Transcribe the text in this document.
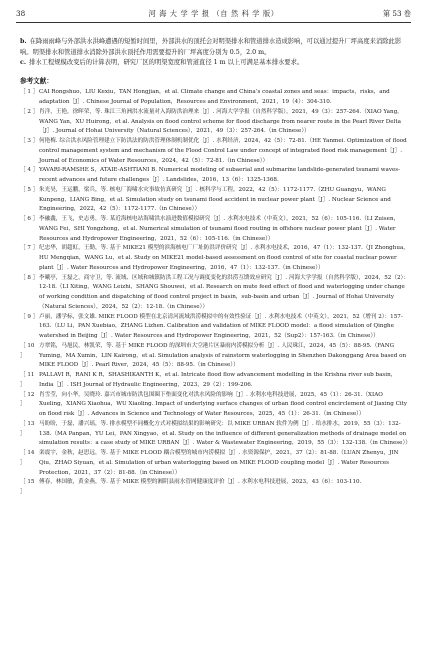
38	河 海 大 学 学 报 （自 然 科 学 版）	第 53 卷

b. 在降雨雨峰与外部洪水洪峰遭遇的短暂时间里，外部洪水的顶托会对明渠排水和管道排水造成影响，可以通过提升厂坪高度来消除此影响。明渠排水和管道排水消除外部洪水顶托作用需要提升的厂坪高度分别为 0.5，2.0 m。

c. 排水工程规模改变后的计算表明，研究厂区的明渠宽度和管道直径 1 m 以上可满足基本排水要求。

参考文献：
［ 1 ］ CAI Rongshuo，LIU Kexiu，TAN Hongjian，et al. Climate change and China’s coastal zones and seas：impacts，risks，and adaptation［J］. Chinese Journal of Population，Resources and Environment，2021，19（4）：304-310.
［ 2 ］ 肖洋，王艳，徐晖荣，等. 珠江三角洲洪水流量对入海防洪治理来［J］. 河海大学学报（自然科学版），2021，49（3）：257-264.（XIAO Yang，WANG Yan，XU Huirong，et al. Analysis on flood control scheme for flood discharge from nearer route in the Pearl River Delta［J］. Journal of Hohai University（Natural Sciences），2021，49（3）：257-264.（in Chinese））
［ 3 ］ 何艳梅. 综合洪水风险管理建立下防洪法的防洪管理体制机制优化［J］. 水利经济，2024，42（5）：72-81.（HE Yanmei. Optimization of flood control management system and mechanism of the Flood Control Law under concept of integrated flood risk management［J］. Journal of Economics of Water Resources，2024，42（5）：72-81.（in Chinese））
［ 4 ］ YAVARI-RAMSHE S，ATAIE-ASHTIANI B. Numerical modeling of subaerial and submarine landslide-generated tsunami waves-recent advances and future challenges［J］. Landslides，2016，13（6）：1325-1368.
［ 5 ］ 朱光昊，王运鹏，梁兵，等. 核电厂海啸水灾事故仿真研究［J］. 核科学与工程，2022，42（5）：1172-1177.（ZHU Guangyu，WANG Kunpeng，LIANG Bing，et al. Simulation study on tsunami flood accident in nuclear power plant［J］. Nuclear Science and Engineering，2022，42（5）：1172-1177.（in Chinese））
［ 6 ］ 李融鑫，王飞，史志勇，等. 某近海核电站海啸洪水演进数值模拟研究［J］. 水利水电技术（中英文），2021，52（6）：105-116.（LI Zuisen，WANG Fei，SHI Yongzhong，et al. Numerical simulation of tsunami flood routing in offshore nuclear power plant［J］. Water Resources and Hydropower Engineering，2021，52（6）：105-116.（in Chinese））
［ 7 ］ 纪忠华，胡超虹，王勤，等. 基于 MIKE21 模型的滨海核电厂厂址防洪评价研究［J］. 水利水电技术，2016，47（1）：132-137.（JI Zhonghua，HU Mengqian，WANG Lu，et al. Study on MIKE21 model-based assessment on flood control of site for coastal nuclear power plant［J］. Water Resources and Hydropower Engineering，2016，47（1）：132-137.（in Chinese））
［ 8 ］ 李曦亭，王磊之，商守卫，等. 流域、区域和城镇防洪工程工况与调度变化的洪涝互馈效应研究［J］. 河海大学学报（自然科学版），2024，52（2）：12-18.（LI Xiting，WANG Leizhi，SHANG Shouwei，et al. Research on mute feed effect of flood and waterlogging under change of working condition and dispatching of flood control project in basin，sub-basin and urban［J］. Journal of Hohai University（Natural Sciences），2024，52（2）：12-18.（in Chinese））
［ 9 ］ 卢丽，潘学标，张文雄. MIKE FLOOD 模型在北京清河流域洪涝模拟中的有效性验证［J］. 水利水电技术（中英文），2021，52（增刊 2）：157-163.（LU Li，PAN Xuebiao，ZHANG Lizhen. Calibration and validation of MIKE FLOOD model：a flood simulation of Qinghe watershed in Beijing［J］. Water Resources and Hydropower Engineering，2021，52（Sup2）：157-163.（in Chinese））
［ 10 ］
方翠铭，马旭民，林凯荣，等. 基于 MIKE FLOOD 的深圳市大空港片区暴雨内涝模拟分析［J］. 人民珠江，2024，45（5）：88-95.（FANG Yuming，MA Xumin，LIN Kairong，et al. Simulation analysis of rainstorm waterlogging in Shenzhen Dakonggang Area based on MIKE FLOOD［J］. Pearl River，2024，45（5）：88-95.（in Chinese））
［ 11 ］
PALLAVI R，RANI K R，SHASHIKANTH K，et al. Intricate flood flow advancement modelling in the Krishna river sub basin，India［J］. ISH Journal of Hydraulic Engineering，2023，29（2）：199-206.
［ 12 ］
肖雪莹，向小华，吴晓玲. 嘉兴市城市防洪包围圈下垫面变化对洪水风险的影响［J］. 水利水电科技进展，2025，45（1）：26-31.（XIAO Xueling，XIANG Xiaohua，WU Xiaoling. Impact of underlying surface changes of urban flood control encirclement of Jiaxing City on flood risk［J］. Advances in Science and Technology of Water Resources，2025，45（1）：26-31.（in Chinese））
［ 13 ］
马盼盼，于磊，潘兴瑶，等. 排水模型不同概化方式对模拟结果的影响研究：以 MIKE URBAN 软件为例［J］. 给水排水，2019，55（3）：132-138.（MA Panpan，YU Lei，PAN Xingyao，et al. Study on the influence of different generalization methods of drainage model on simulation results：a case study of MIKE URBAN［J］. Water & Wastewater Engineering，2019，55（3）：132-138.（in Chinese））
［ 14 ］
栾震宇，金秋，赵思远，等. 基于 MIKE FLOOD 耦合模型的城市内涝模拟［J］. 水资源保护，2021，37（2）：81-88.（LUAN Zhenyu，JIN Qiu，ZHAO Siyuan，et al. Simulation of urban waterlogging based on MIKE FLOOD coupling model［J］. Water Resources Protection，2021，37（2）：81-88.（in Chinese））
［ 15 ］
傅春，林国敏，黄金燕，等. 基于 MIKE 模型的湘阴县雨水管网健康度评价［J］. 水利水电科技进展，2023，43（6）：103-110.
